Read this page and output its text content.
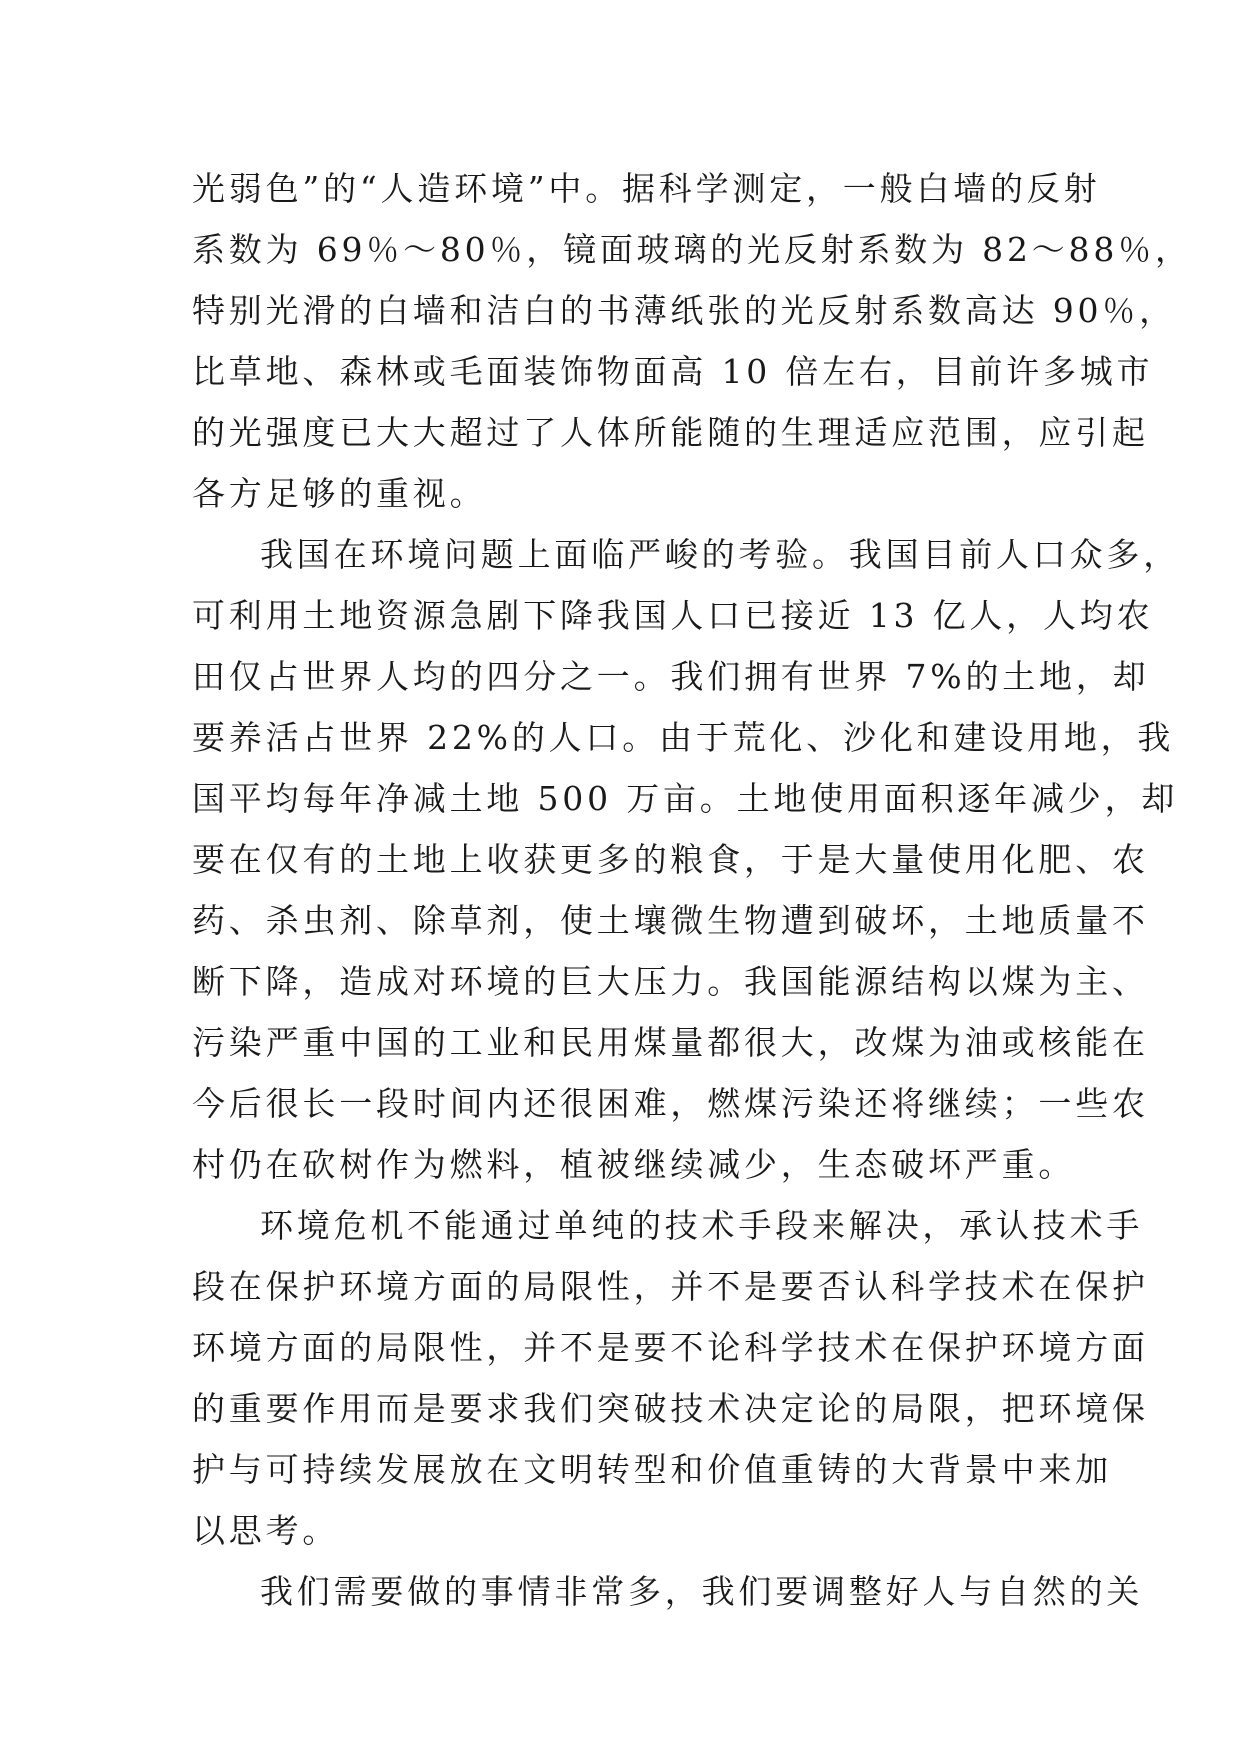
光弱色”的“人造环境”中。据科学测定，一般白墙的反射
系数为 69％～80％，镜面玻璃的光反射系数为 82～88％，
特别光滑的白墙和洁白的书薄纸张的光反射系数高达 90％，
比草地、森林或毛面装饰物面高 10 倍左右，目前许多城市
的光强度已大大超过了人体所能随的生理适应范围，应引起
各方足够的重视。
我国在环境问题上面临严峻的考验。我国目前人口众多，
可利用土地资源急剧下降我国人口已接近 13 亿人，人均农
田仅占世界人均的四分之一。我们拥有世界 7%的土地，却
要养活占世界 22%的人口。由于荒化、沙化和建设用地，我
国平均每年净减土地 500 万亩。土地使用面积逐年减少，却
要在仅有的土地上收获更多的粮食，于是大量使用化肥、农
药、杀虫剂、除草剂，使土壤微生物遭到破坏，土地质量不
断下降，造成对环境的巨大压力。我国能源结构以煤为主、
污染严重中国的工业和民用煤量都很大，改煤为油或核能在
今后很长一段时间内还很困难，燃煤污染还将继续；一些农
村仍在砍树作为燃料，植被继续减少，生态破坏严重。
环境危机不能通过单纯的技术手段来解决，承认技术手
段在保护环境方面的局限性，并不是要否认科学技术在保护
环境方面的局限性，并不是要不论科学技术在保护环境方面
的重要作用而是要求我们突破技术决定论的局限，把环境保
护与可持续发展放在文明转型和价值重铸的大背景中来加
以思考。
我们需要做的事情非常多，我们要调整好人与自然的关
